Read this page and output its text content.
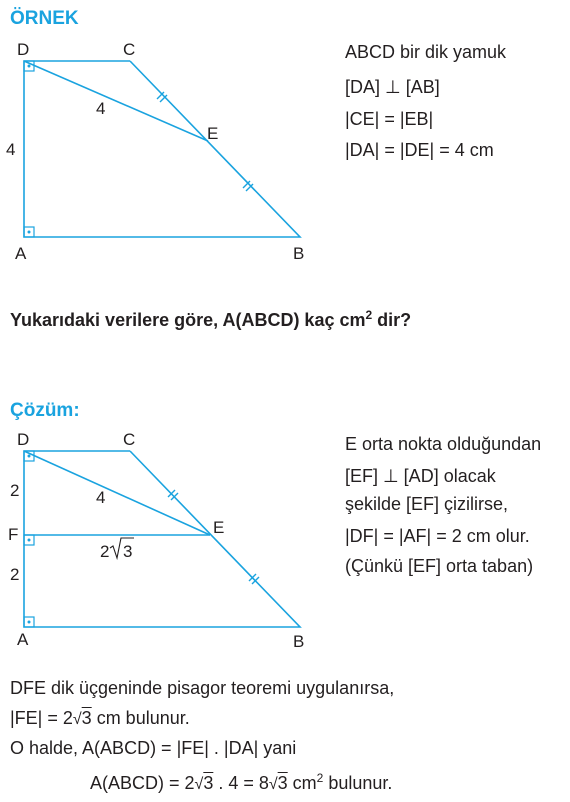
ÖRNEK
D	C
E
A	B
4
4
D	C
E
F
A	B
2
2
4
2 3
ABCD bir dik yamuk
[DA] ⊥ [AB]
|CE| = |EB|
|DA| = |DE| = 4 cm
Yukarıdaki verilere göre, A(ABCD) kaç $cm^2$ dir?
Çözüm:
E orta nokta olduğundan
[EF] ⊥ [AD] olacak
şekilde [EF] çizilirse,
|DF| = |AF| = 2 cm olur.
(Çünkü [EF] orta taban)
DFE dik üçgeninde pisagor teoremi uygulanırsa,
|FE| = 2√3 cm bulunur.
O halde, A(ABCD) = |FE| . |DA| yani
A(ABCD) = 2√3 . 4 = 8√3 $cm^2$ bulunur.
